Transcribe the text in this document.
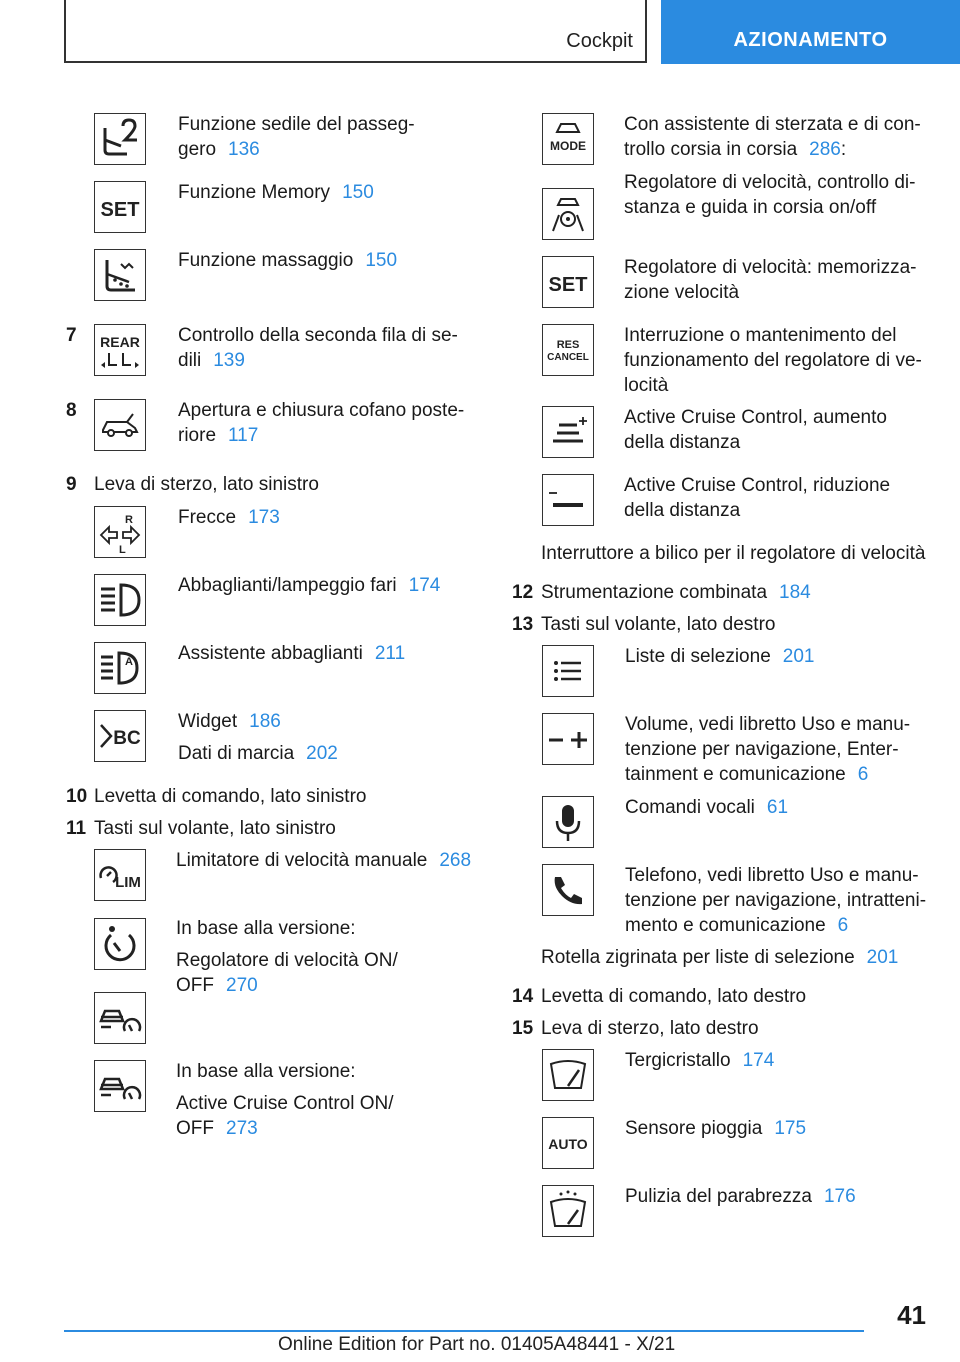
Cockpit	AZIONAMENTO
Funzione sedile del passeg-
gero 136
SET
Funzione Memory 150
Funzione massaggio 150
7 REAR Controllo della seconda fila di se-
dili 139
8	Apertura e chiusura cofano poste-
riore 117
9 Leva di sterzo, lato sinistro
R
L
Frecce 173
Abbaglianti/lampeggio fari 174
A Assistente abbaglianti 211
BC
Widget 186
Dati di marcia 202
10 Levetta di comando, lato sinistro
11 Tasti sul volante, lato sinistro
LIM
Limitatore di velocità manuale 268
In base alla versione:
Regolatore di velocità ON/
OFF 270
In base alla versione:
Active Cruise Control ON/
OFF 273
MODE
Con assistente di sterzata e di con-
trollo corsia in corsia 286:
Regolatore di velocità, controllo di-
stanza e guida in corsia on/off
SET
Regolatore di velocità: memorizza-
zione velocità
RES
CANCEL
Interruzione o mantenimento del
funzionamento del regolatore di ve-
locità
Active Cruise Control, aumento
della distanza
Active Cruise Control, riduzione
della distanza
Interruttore a bilico per il regolatore di velocità
12 Strumentazione combinata 184
13 Tasti sul volante, lato destro
Liste di selezione 201
Volume, vedi libretto Uso e manu-
tenzione per navigazione, Enter-
tainment e comunicazione 6
Comandi vocali 61
Telefono, vedi libretto Uso e manu-
tenzione per navigazione, intratteni-
mento e comunicazione 6
Rotella zigrinata per liste di selezione 201
14 Levetta di comando, lato destro
15 Leva di sterzo, lato destro
Tergicristallo 174
AUTO
Sensore pioggia 175
Pulizia del parabrezza 176
41
Online Edition for Part no. 01405A48441 - X/21
